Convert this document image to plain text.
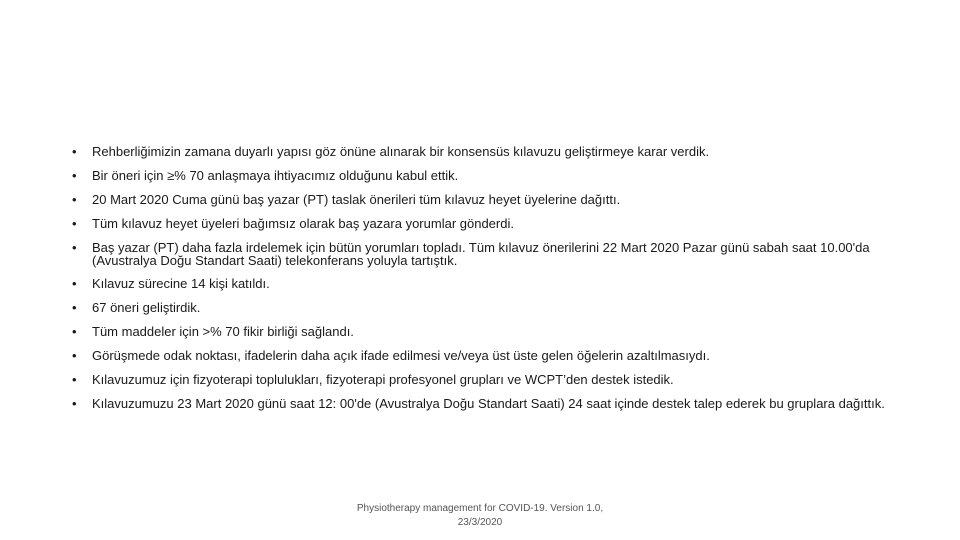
• Rehberliğimizin zamana duyarlı yapısı göz önüne alınarak bir konsensüs kılavuzu geliştirmeye karar verdik.
• Bir öneri için ≥% 70 anlaşmaya ihtiyacımız olduğunu kabul ettik.
• 20 Mart 2020 Cuma günü baş yazar (PT) taslak önerileri tüm kılavuz heyet üyelerine dağıttı.
• Tüm kılavuz heyet üyeleri bağımsız olarak baş yazara yorumlar gönderdi.
• Baş yazar (PT) daha fazla irdelemek için bütün yorumları topladı. Tüm kılavuz önerilerini 22 Mart 2020 Pazar günü sabah saat 10.00'da (Avustralya Doğu Standart Saati) telekonferans yoluyla tartıştık.
• Kılavuz sürecine 14 kişi katıldı.
• 67 öneri geliştirdik.
• Tüm maddeler için >% 70 fikir birliği sağlandı.
• Görüşmede odak noktası, ifadelerin daha açık ifade edilmesi ve/veya üst üste gelen öğelerin azaltılmasıydı.
• Kılavuzumuz için fizyoterapi toplulukları, fizyoterapi profesyonel grupları ve WCPT’den destek istedik.
• Kılavuzumuzu 23 Mart 2020 günü saat 12: 00'de (Avustralya Doğu Standart Saati) 24 saat içinde destek talep ederek bu gruplara dağıttık.
Physiotherapy management for COVID-19. Version 1.0,
23/3/2020
